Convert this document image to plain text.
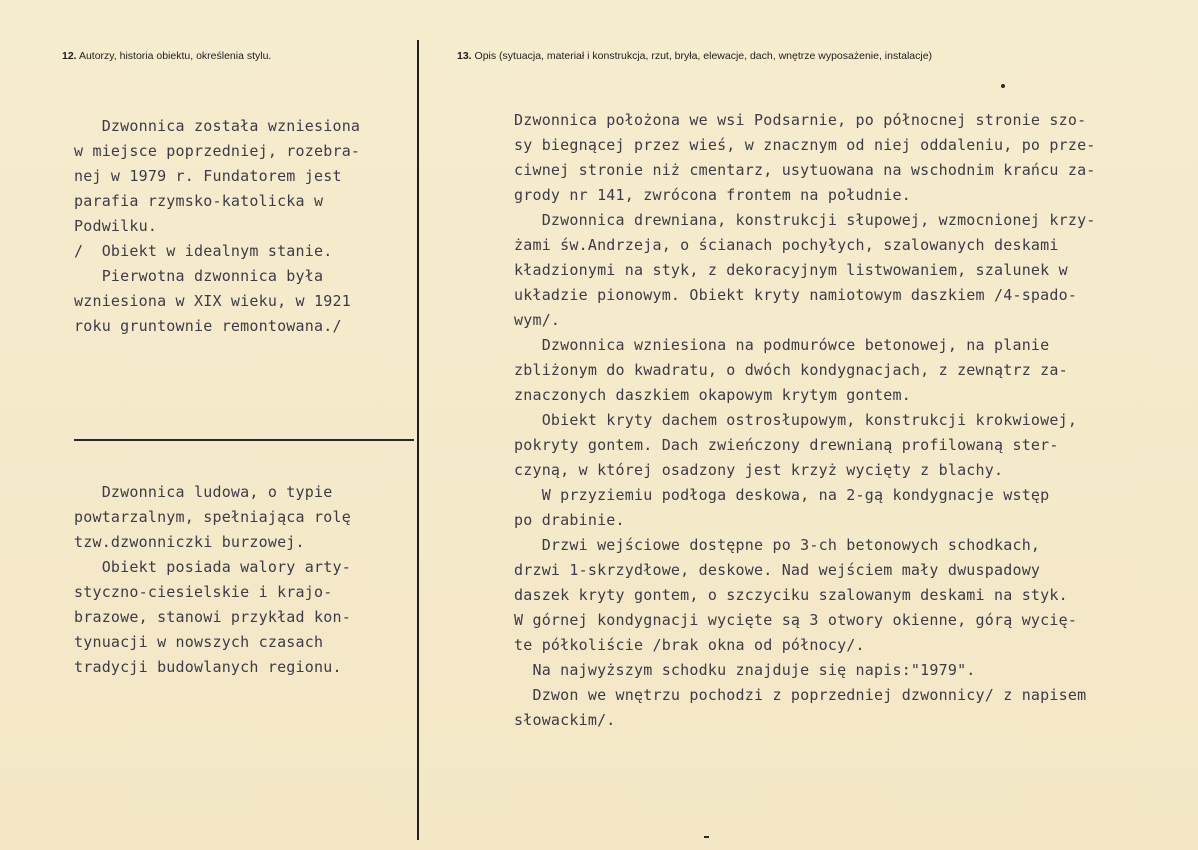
12. Autorzy, historia obiektu, określenia stylu.	13. Opis (sytuacja, materiał i konstrukcja, rzut, bryła, elewacje, dach, wnętrze wyposażenie, instalacje)
Dzwonnica została wzniesiona
w miejsce poprzedniej, rozebra-
nej w 1979 r. Fundatorem jest
parafia rzymsko-katolicka w
Podwilku.
/  Obiekt w idealnym stanie.
Pierwotna dzwonnica była
wzniesiona w XIX wieku, w 1921
roku gruntownie remontowana./
Dzwonnica ludowa, o typie
powtarzalnym, spełniająca rolę
tzw.dzwonniczki burzowej.
Obiekt posiada walory arty-
styczno-ciesielskie i krajo-
brazowe, stanowi przykład kon-
tynuacji w nowszych czasach
tradycji budowlanych regionu.
Dzwonnica położona we wsi Podsarnie, po północnej stronie szo-
sy biegnącej przez wieś, w znacznym od niej oddaleniu, po prze-
ciwnej stronie niż cmentarz, usytuowana na wschodnim krańcu za-
grody nr 141, zwrócona frontem na południe.
Dzwonnica drewniana, konstrukcji słupowej, wzmocnionej krzy-
żami św.Andrzeja, o ścianach pochyłych, szalowanych deskami
kładzionymi na styk, z dekoracyjnym listwowaniem, szalunek w
układzie pionowym. Obiekt kryty namiotowym daszkiem /4-spado-
wym/.
Dzwonnica wzniesiona na podmurówce betonowej, na planie
zbliżonym do kwadratu, o dwóch kondygnacjach, z zewnątrz za-
znaczonych daszkiem okapowym krytym gontem.
Obiekt kryty dachem ostrosłupowym, konstrukcji krokwiowej,
pokryty gontem. Dach zwieńczony drewnianą profilowaną ster-
czyną, w której osadzony jest krzyż wycięty z blachy.
W przyziemiu podłoga deskowa, na 2-gą kondygnacje wstęp
po drabinie.
Drzwi wejściowe dostępne po 3-ch betonowych schodkach,
drzwi 1-skrzydłowe, deskowe. Nad wejściem mały dwuspadowy
daszek kryty gontem, o szczyciku szalowanym deskami na styk.
W górnej kondygnacji wycięte są 3 otwory okienne, górą wycię-
te półkoliście /brak okna od północy/.
Na najwyższym schodku znajduje się napis:"1979".
Dzwon we wnętrzu pochodzi z poprzedniej dzwonnicy/ z napisem
słowackim/.
